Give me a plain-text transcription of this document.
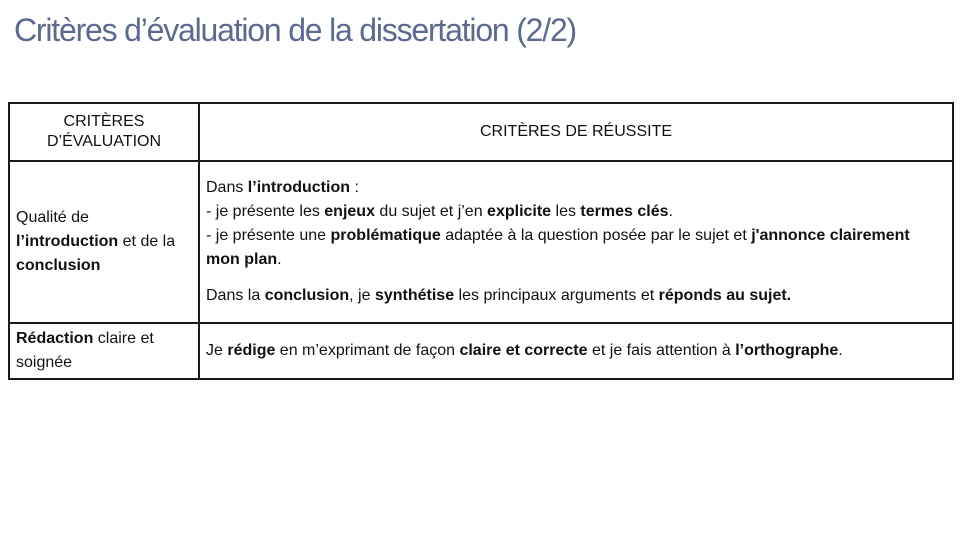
Critères d’évaluation de la dissertation (2/2)
CRITÈRES D’ÉVALUATION	CRITÈRES DE RÉUSSITE
Qualité de l’introduction et de la conclusion	Dans l’introduction :

- je présente les enjeux du sujet et j’en explicite les termes clés.

- je présente une problématique adaptée à la question posée par le sujet et j'annonce clairement mon plan.

Dans la conclusion, je synthétise les principaux arguments et réponds au sujet.

Rédaction claire et soignée	Je rédige en m’exprimant de façon claire et correcte et je fais attention à l’orthographe.
